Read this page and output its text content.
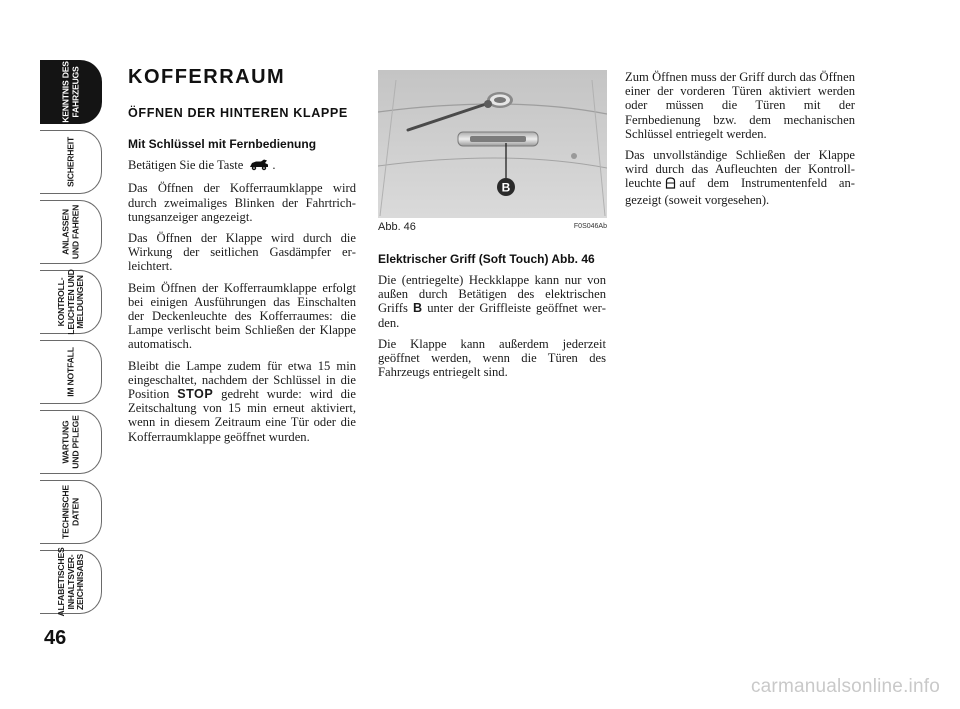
KENNTNIS DES
FAHRZEUGS
SICHERHEIT
ANLASSEN
UND FAHREN
KONTROLL-
LEUCHTEN UND
MELDUNGEN
IM NOTFALL
WARTUNG
UND PFLEGE
TECHNISCHE
DATEN
ALFABETISCHES
INHALTSVER-
ZEICHNISABS
46
KOFFERRAUM
ÖFFNEN DER HINTEREN KLAPPE
Mit Schlüssel mit Fernbedienung

Betätigen Sie die Taste .

Das Öffnen der Kofferraumklappe wird durch zweimaliges Blinken der Fahrtrichtungsanzeiger angezeigt.

Das Öffnen der Klappe wird durch die Wirkung der seitlichen Gasdämpfer erleichtert.

Beim Öffnen der Kofferraumklappe erfolgt bei einigen Ausführungen das Einschalten der Deckenleuchte des Kofferraumes: die Lampe verlischt beim Schließen der Klappe automatisch.

Bleibt die Lampe zudem für etwa 15 min eingeschaltet, nachdem der Schlüssel in die Position STOP gedreht wurde: wird die Zeitschaltung von 15 min erneut aktiviert, wenn in diesem Zeitraum eine Tür oder die Kofferraumklappe geöffnet wurden.

B
Abb. 46	F0S046Ab
Elektrischer Griff (Soft Touch) Abb. 46

Die (entriegelte) Heckklappe kann nur von außen durch Betätigen des elektrischen Griffs B unter der Griffleiste geöffnet werden.

Die Klappe kann außerdem jederzeit geöffnet werden, wenn die Türen des Fahrzeugs entriegelt sind.

Zum Öffnen muss der Griff durch das Öffnen einer der vorderen Türen aktiviert werden oder müssen die Türen mit der Fernbedienung bzw. dem mechanischen Schlüssel entriegelt werden.

Das unvollständige Schließen der Klappe wird durch das Aufleuchten der Kontrollleuchte auf dem Instrumentenfeld angezeigt (soweit vorgesehen).

carmanualsonline.info
